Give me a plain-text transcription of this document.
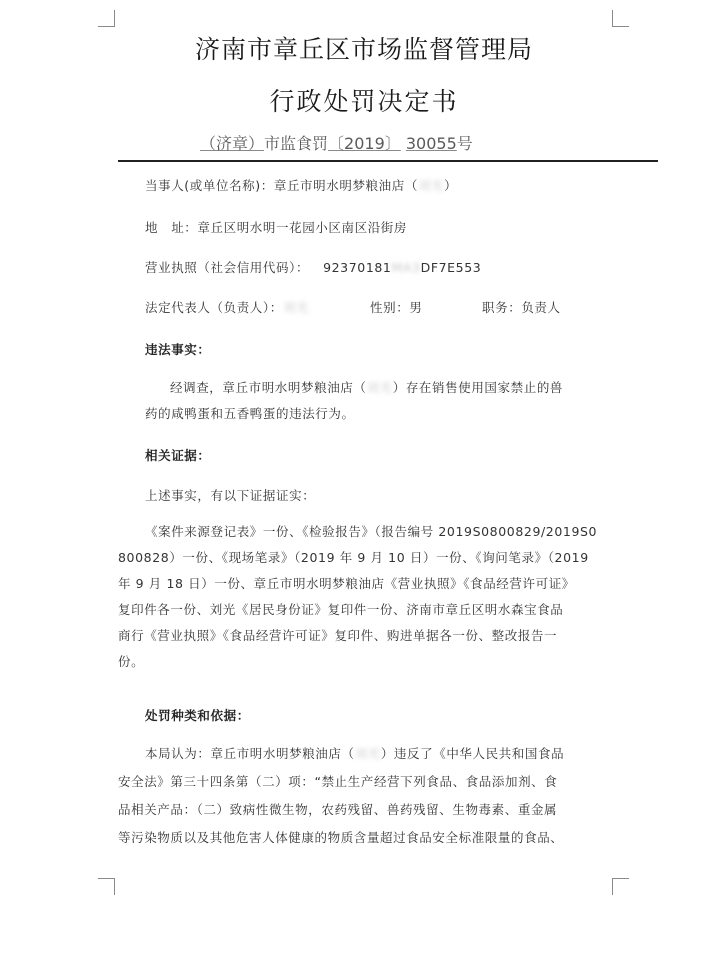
济南市章丘区市场监督管理局
行政处罚决定书
（济章）市监食罚〔2019〕 30055号
当事人(或单位名称)：章丘市明水明梦粮油店（刘光）
地　址：章丘区明水明一花园小区南区沿街房
营业执照（社会信用代码）： 92370181MA3DF7E553
法定代表人（负责人）：刘光	性别：男	职务：负责人
违法事实：
经调查，章丘市明水明梦粮油店（刘光）存在销售使用国家禁止的兽
药的咸鸭蛋和五香鸭蛋的违法行为。
相关证据：
上述事实，有以下证据证实：
《案件来源登记表》一份、《检验报告》（报告编号 2019S0800829/2019S0
800828）一份、《现场笔录》（2019 年 9 月 10 日）一份、《询问笔录》（2019
年 9 月 18 日）一份、章丘市明水明梦粮油店《营业执照》《食品经营许可证》
复印件各一份、刘光《居民身份证》复印件一份、济南市章丘区明水森宝食品
商行《营业执照》《食品经营许可证》复印件、购进单据各一份、整改报告一
份。
处罚种类和依据：
本局认为：章丘市明水明梦粮油店（刘光）违反了《中华人民共和国食品
安全法》第三十四条第（二）项：“禁止生产经营下列食品、食品添加剂、食
品相关产品：（二）致病性微生物，农药残留、兽药残留、生物毒素、重金属
等污染物质以及其他危害人体健康的物质含量超过食品安全标准限量的食品、
